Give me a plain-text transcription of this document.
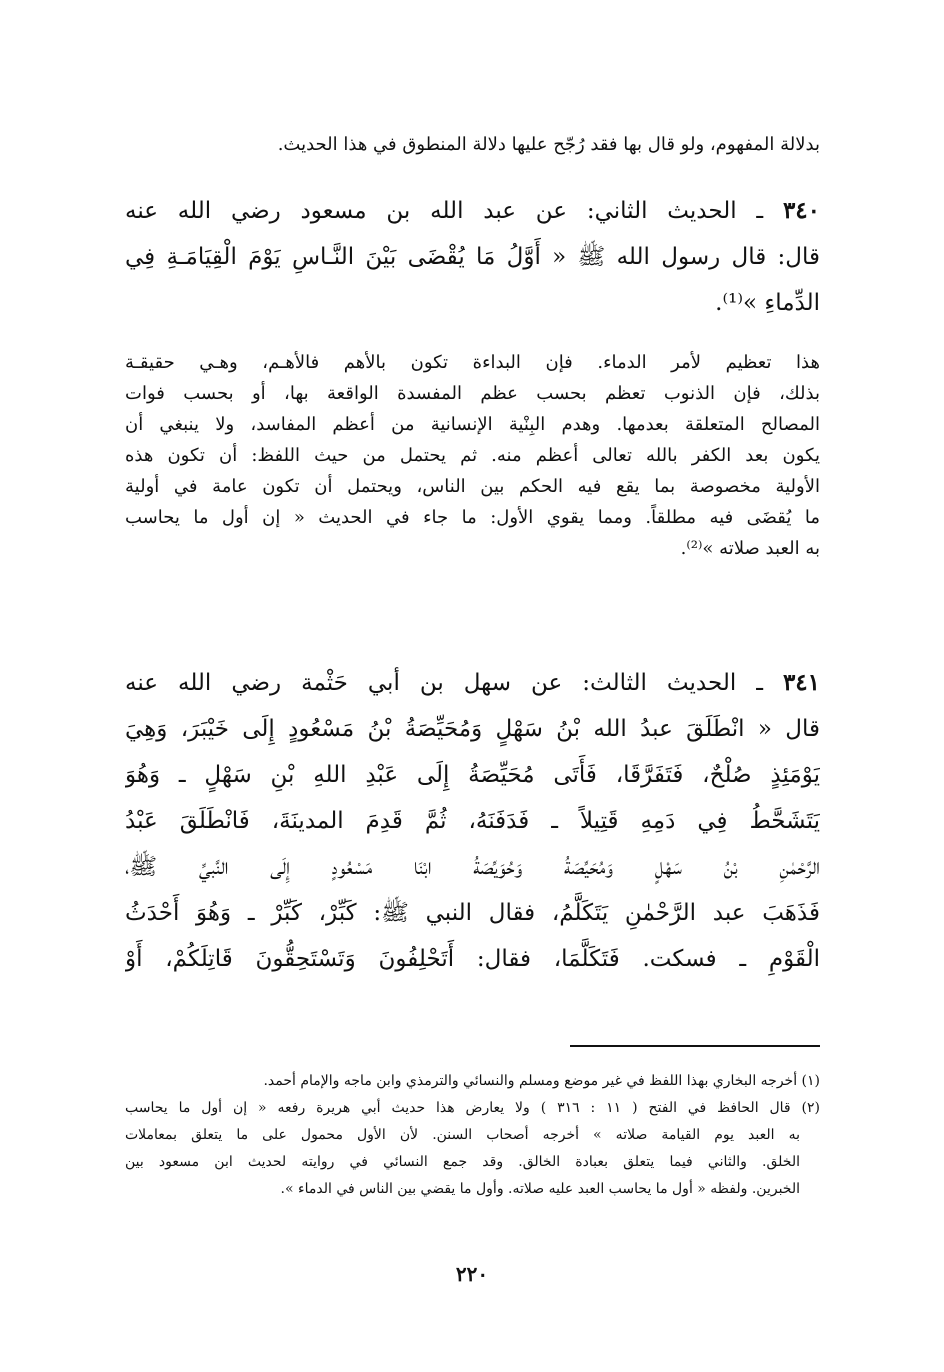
بدلالة المفهوم، ولو قال بها فقد رُجّح عليها دلالة المنطوق في هذا الحديث.
٣٤٠ ـ الحديث الثاني: عن عبد الله بن مسعود رضي الله عنه
قال: قال رسول الله ﷺ « أَوَّلُ مَا يُقْضَى بَيْنَ النَّـاسِ يَوْمَ الْقِيَامَـةِ فِي
الدِّماءِ »⁽¹⁾.
هذا تعظيم لأمر الدماء. فإن البداءة تكون بالأهم فالأهـم، وهـي حقيقـة
بذلك، فإن الذنوب تعظم بحسب عظم المفسدة الواقعة بها، أو بحسب فوات
المصالح المتعلقة بعدمها. وهدم البِنْية الإنسانية من أعظم المفاسد، ولا ينبغي أن
يكون بعد الكفر بالله تعالى أعظم منه. ثم يحتمل من حيث اللفظ: أن تكون هذه
الأولية مخصوصة بما يقع فيه الحكم بين الناس، ويحتمل أن تكون عامة في أولية
ما يُقضَى فيه مطلقاً. ومما يقوي الأول: ما جاء في الحديث « إن أول ما يحاسب
به العبد صلاته »⁽²⁾.
٣٤١ ـ الحديث الثالث: عن سهل بن أبي حَثْمة رضي الله عنه
قال « انْطَلَقَ عبدُ الله بْنُ سَهْلٍ وَمُحَيِّصَةُ بْنُ مَسْعُودٍ إِلَى خَيْبَرَ، وَهِيَ
يَوْمَئِذٍ صُلْحٌ، فَتَفَرَّقَا، فَأَتَى مُحَيِّصَةُ إِلَى عَبْدِ اللهِ بْنِ سَهْلٍ ـ وَهُوَ
يَتَشَحَّطُ فِي دَمِهِ قَتِيلاً ـ فَدَفَنَهُ، ثُمَّ قَدِمَ المدينَةَ، فَانْطَلَقَ عَبْدُ
الرَّحْمٰنِ بْنُ سَهْلٍ وَمُحَيِّصَةُ وَحُوَيِّصَةُ ابْنَا مَسْعُودٍ إِلَى النَّبيِّ ﷺ،
فَذَهَبَ عبد الرَّحْمٰنِ يَتَكَلَّمُ، فقال النبي ﷺ: كَبِّرْ، كَبِّرْ ـ وَهُوَ أَحْدَثُ
الْقَوْمِ ـ فسكت. فَتَكَلَّمَا، فقال: أَتَحْلِفُونَ وَتَسْتَحِقُّونَ قَاتِلَكُمْ، أَوْ
(١) أخرجه البخاري بهذا اللفظ في غير موضع ومسلم والنسائي والترمذي وابن ماجه والإمام أحمد.
(٢) قال الحافظ في الفتح ( ١١ : ٣١٦ ) ولا يعارض هذا حديث أبي هريرة رفعه « إن أول ما يحاسب
به العبد يوم القيامة صلاته » أخرجه أصحاب السنن. لأن الأول محمول على ما يتعلق بمعاملات
الخلق. والثاني فيما يتعلق بعبادة الخالق. وقد جمع النسائي في روايته لحديث ابن مسعود بين
الخبرين. ولفظه « أول ما يحاسب العبد عليه صلاته. وأول ما يقضي بين الناس في الدماء ».
٢٢٠
